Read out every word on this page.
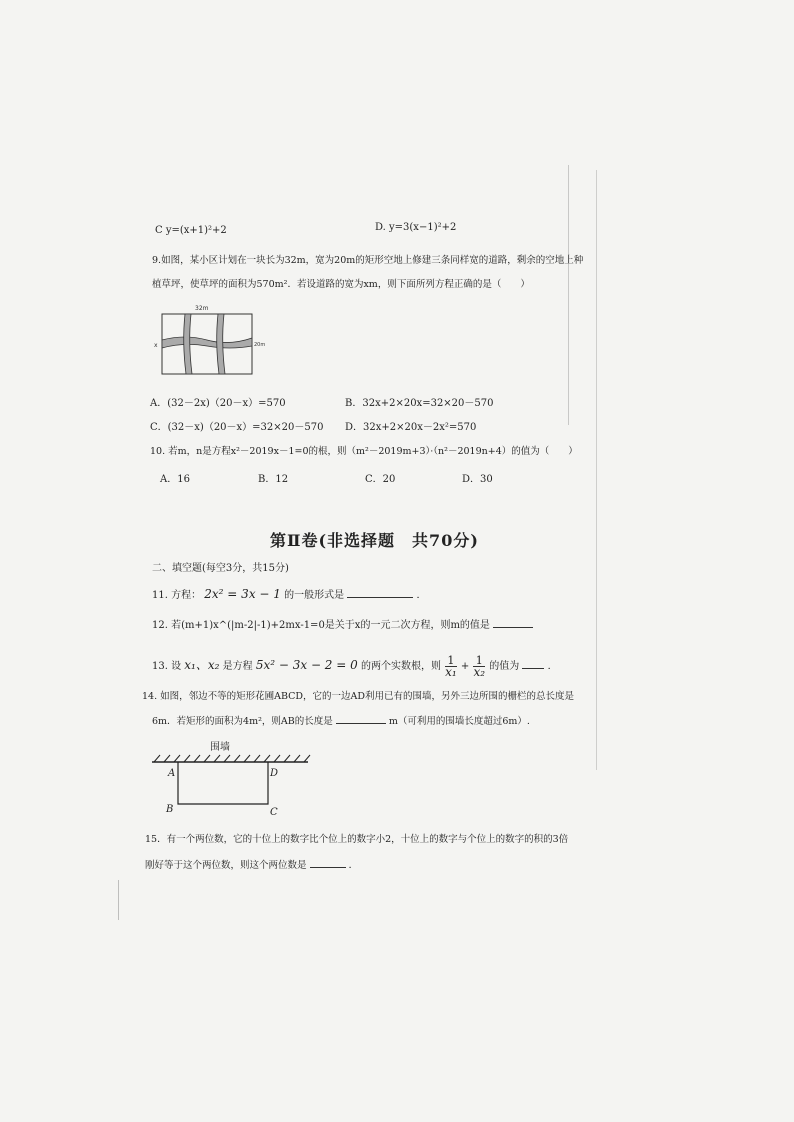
C y=(x+1)²+2	D. y=3(x−1)²+2
9.如图，某小区计划在一块长为32m，宽为20m的矩形空地上修建三条同样宽的道路，剩余的空地上种
植草坪，使草坪的面积为570m²．若设道路的宽为xm，则下面所列方程正确的是（　　）
32m
20m
x
A．(32－2x)（20－x）=570	B．32x+2×20x=32×20－570
C．(32－x)（20－x）=32×20－570 D．32x+2×20x－2x²=570
10. 若m，n是方程x²－2019x－1=0的根，则（m²－2019m+3）·（n²－2019n+4）的值为（　　）
A．16	B．12	C．20	D．30
第Ⅱ卷(非选择题　共70分)
二、填空题(每空3分，共15分)
11. 方程： 2x² = 3x − 1 的一般形式是	．
12. 若(m+1)x^(|m-2|-1)+2mx-1=0是关于x的一元二次方程，则m的值是
13. 设 x₁、x₂ 是方程 5x² − 3x − 2 = 0 的两个实数根，则 $\frac{1}{\text{x₁}} + \frac{1}{\text{x₂}}$ 的值为	．
14. 如图，邻边不等的矩形花圃ABCD，它的一边AD利用已有的围墙，另外三边所围的栅栏的总长度是
6m．若矩形的面积为4m²，则AB的长度是	m（可利用的围墙长度超过6m）.
围墙
A	D
B	C
15．有一个两位数，它的十位上的数字比个位上的数字小2，十位上的数字与个位上的数字的积的3倍
刚好等于这个两位数，则这个两位数是	．
